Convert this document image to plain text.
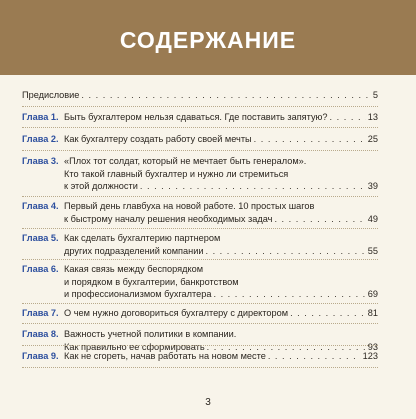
СОДЕРЖАНИЕ
Предисловие . . .	5
Глава 1. Быть бухгалтером нельзя сдаваться. Где поставить запятую? . . .	13
Глава 2. Как бухгалтеру создать работу своей мечты . . .	25
Глава 3. «Плох тот солдат, который не мечтает быть генералом».
Кто такой главный бухгалтер и нужно ли стремиться
к этой должности . . .	39
Глава 4. Первый день главбуха на новой работе. 10 простых шагов
к быстрому началу решения необходимых задач . . .	49
Глава 5. Как сделать бухгалтерию партнером
других подразделений компании . . .	55
Глава 6. Какая связь между беспорядком
и порядком в бухгалтерии, банкротством
и профессионализмом бухгалтера . . .	69
Глава 7. О чем нужно договориться бухгалтеру с директором . . .	81
Глава 8. Важность учетной политики в компании.
Как правильно ее сформировать . . .	93
Глава 9. Как не сгореть, начав работать на новом месте . . .	123
3
